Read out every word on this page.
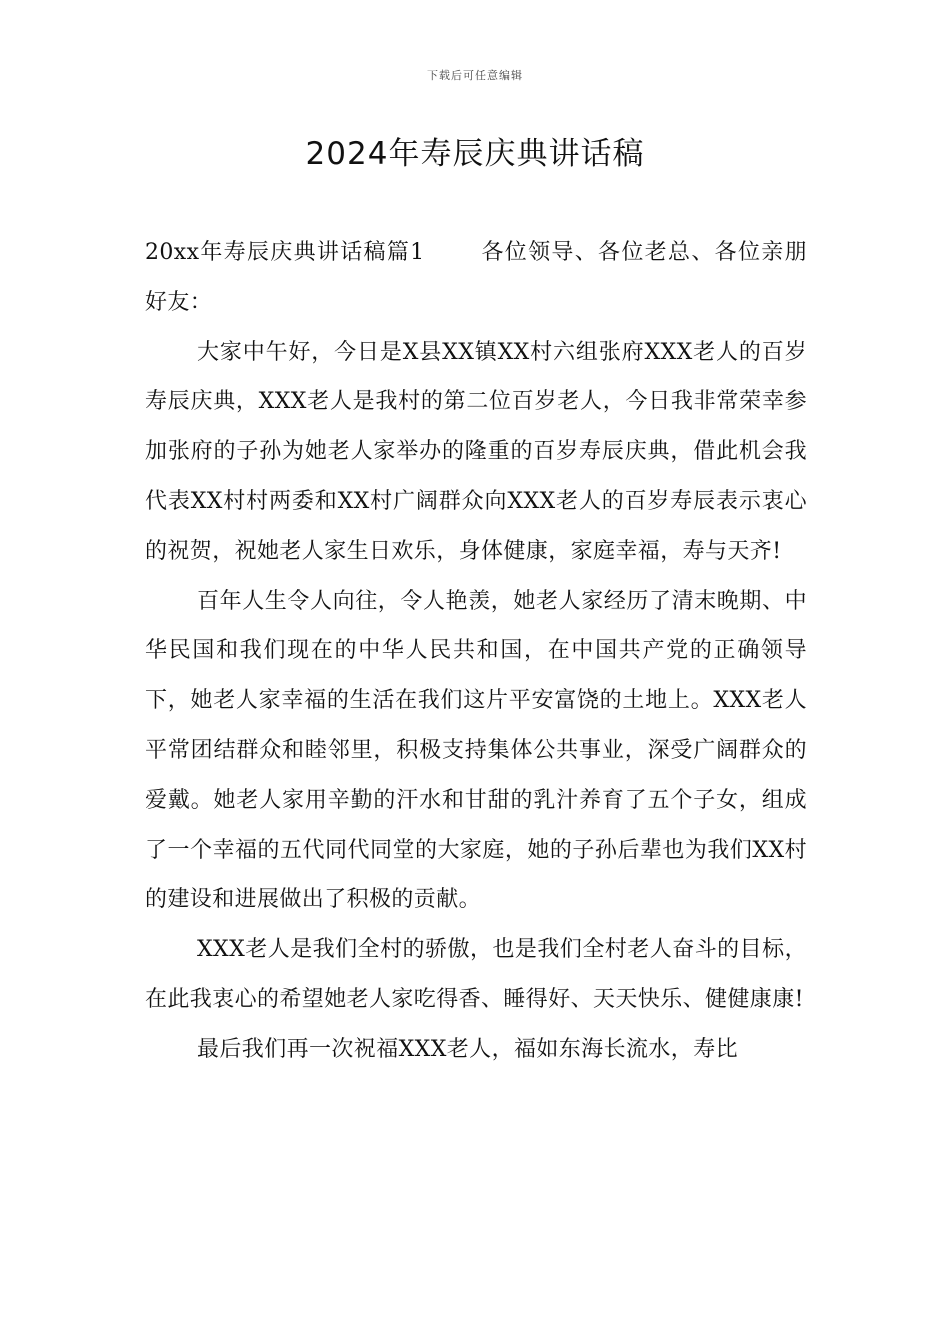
下载后可任意编辑
2024年寿辰庆典讲话稿

20xx年寿辰庆典讲话稿篇1	各位领导、各位老总、各位亲朋好友：

大家中午好，今日是X县XX镇XX村六组张府XXX老人的百岁寿辰庆典，XXX老人是我村的第二位百岁老人，今日我非常荣幸参加张府的子孙为她老人家举办的隆重的百岁寿辰庆典，借此机会我代表XX村村两委和XX村广阔群众向XXX老人的百岁寿辰表示衷心的祝贺，祝她老人家生日欢乐，身体健康，家庭幸福，寿与天齐!

百年人生令人向往，令人艳羡，她老人家经历了清末晚期、中华民国和我们现在的中华人民共和国，在中国共产党的正确领导下，她老人家幸福的生活在我们这片平安富饶的土地上。XXX老人平常团结群众和睦邻里，积极支持集体公共事业，深受广阔群众的爱戴。她老人家用辛勤的汗水和甘甜的乳汁养育了五个子女，组成了一个幸福的五代同代同堂的大家庭，她的子孙后辈也为我们XX村的建设和进展做出了积极的贡献。

XXX老人是我们全村的骄傲，也是我们全村老人奋斗的目标，在此我衷心的希望她老人家吃得香、睡得好、天天快乐、健健康康!

最后我们再一次祝福XXX老人，福如东海长流水，寿比
